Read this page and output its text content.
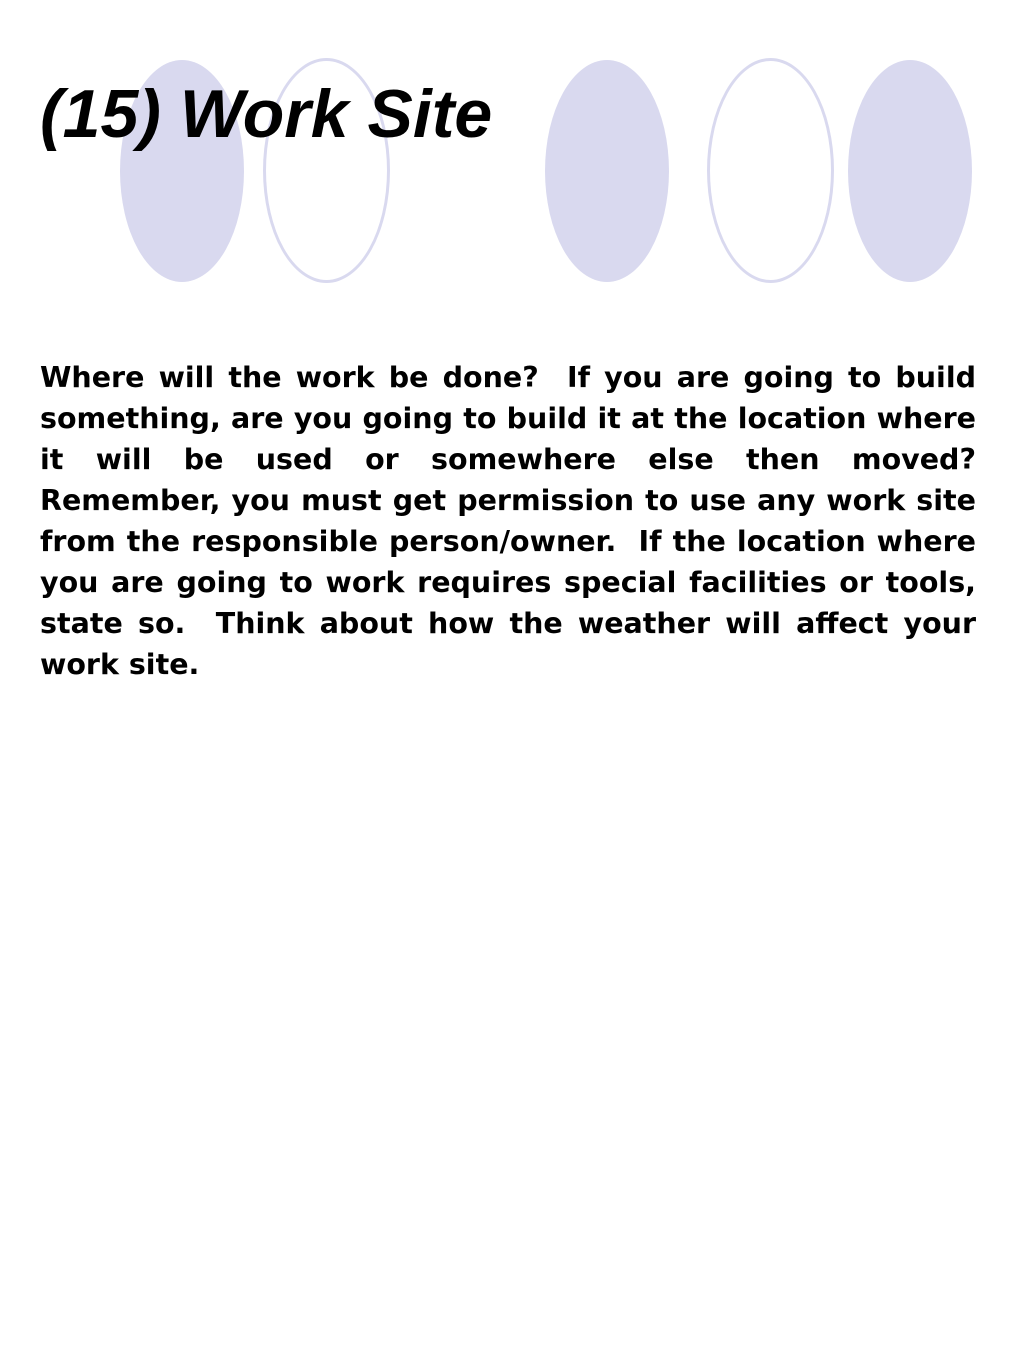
(15) Work Site

Where will the work be done?  If you are going to build something, are you going to build it at the location where it will be used or somewhere else then moved?  Remember, you must get permission to use any work site from the responsible person/owner.  If the location where you are going to work requires special facilities or tools, state so.  Think about how the weather will affect your work site.
